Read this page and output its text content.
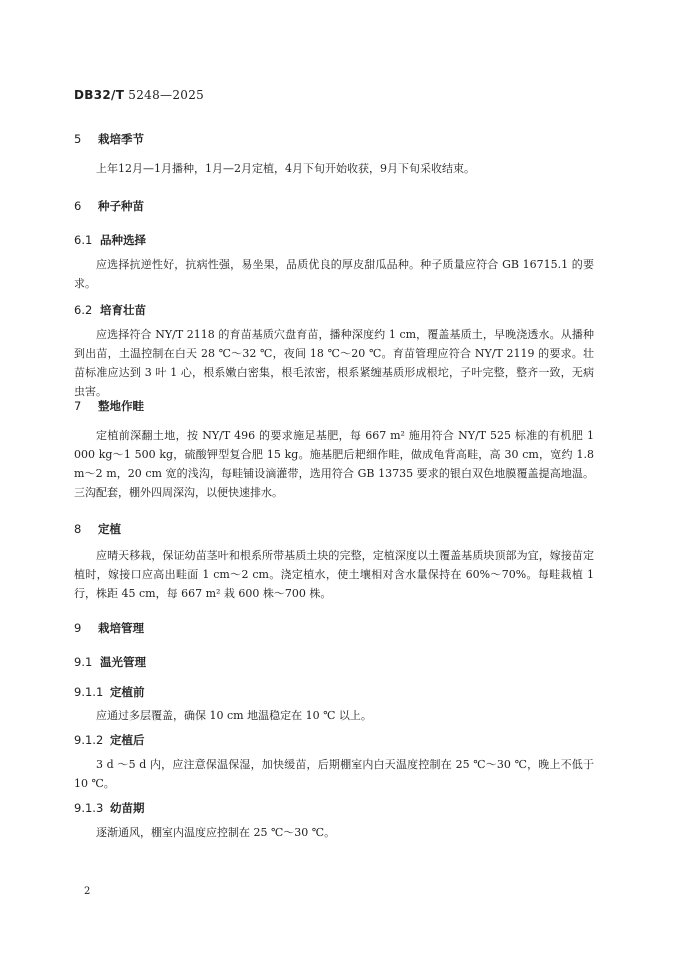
DB32/T 5248—2025
5 栽培季节
上年12月—1月播种，1月—2月定植，4月下旬开始收获，9月下旬采收结束。
6 种子种苗
6.1 品种选择
应选择抗逆性好，抗病性强，易坐果，品质优良的厚皮甜瓜品种。种子质量应符合 GB 16715.1 的要求。
6.2 培育壮苗
应选择符合 NY/T 2118 的育苗基质穴盘育苗，播种深度约 1 cm，覆盖基质土，早晚浇透水。从播种到出苗，土温控制在白天 28 ℃～32 ℃，夜间 18 ℃～20 ℃。育苗管理应符合 NY/T 2119 的要求。壮苗标准应达到 3 叶 1 心，根系嫩白密集，根毛浓密，根系紧缠基质形成根坨，子叶完整，整齐一致，无病虫害。
7 整地作畦
定植前深翻土地，按 NY/T 496 的要求施足基肥，每 667 m² 施用符合 NY/T 525 标准的有机肥 1 000 kg～1 500 kg，硫酸钾型复合肥 15 kg。施基肥后耙细作畦，做成龟背高畦，高 30 cm，宽约 1.8 m～2 m，20 cm 宽的浅沟，每畦铺设滴灌带，选用符合 GB 13735 要求的银白双色地膜覆盖提高地温。三沟配套，棚外四周深沟，以便快速排水。
8 定植
应晴天移栽，保证幼苗茎叶和根系所带基质土块的完整，定植深度以土覆盖基质块顶部为宜，嫁接苗定植时，嫁接口应高出畦面 1 cm～2 cm。浇定植水，使土壤相对含水量保持在 60%～70%。每畦栽植 1 行，株距 45 cm，每 667 m² 栽 600 株～700 株。
9 栽培管理
9.1 温光管理
9.1.1 定植前
应通过多层覆盖，确保 10 cm 地温稳定在 10 ℃ 以上。
9.1.2 定植后
3 d ～5 d 内，应注意保温保湿，加快缓苗，后期棚室内白天温度控制在 25 ℃～30 ℃，晚上不低于 10 ℃。
9.1.3 幼苗期
逐渐通风，棚室内温度应控制在 25 ℃～30 ℃。
2
